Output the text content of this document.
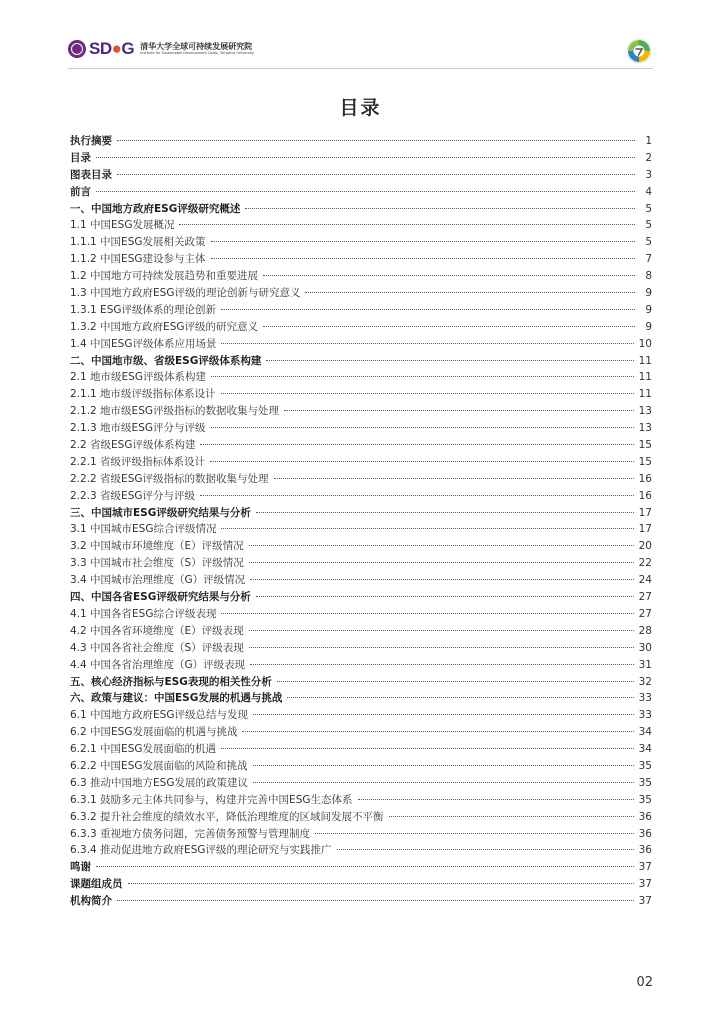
SD●G 清华大学全球可持续发展研究院
Institute for Sustainable Development Goals, Tsinghua University
目录
执行摘要	1
目录	2
图表目录	3
前言	4
一、中国地方政府ESG评级研究概述	5
1.1 中国ESG发展概况	5
1.1.1 中国ESG发展相关政策	5
1.1.2 中国ESG建设参与主体	7
1.2 中国地方可持续发展趋势和重要进展	8
1.3 中国地方政府ESG评级的理论创新与研究意义	9
1.3.1 ESG评级体系的理论创新	9
1.3.2 中国地方政府ESG评级的研究意义	9
1.4 中国ESG评级体系应用场景	10
二、中国地市级、省级ESG评级体系构建	11
2.1 地市级ESG评级体系构建	11
2.1.1 地市级评级指标体系设计	11
2.1.2 地市级ESG评级指标的数据收集与处理	13
2.1.3 地市级ESG评分与评级	13
2.2 省级ESG评级体系构建	15
2.2.1 省级评级指标体系设计	15
2.2.2 省级ESG评级指标的数据收集与处理	16
2.2.3 省级ESG评分与评级	16
三、中国城市ESG评级研究结果与分析	17
3.1 中国城市ESG综合评级情况	17
3.2 中国城市环境维度（E）评级情况	20
3.3 中国城市社会维度（S）评级情况	22
3.4 中国城市治理维度（G）评级情况	24
四、中国各省ESG评级研究结果与分析	27
4.1 中国各省ESG综合评级表现	27
4.2 中国各省环境维度（E）评级表现	28
4.3 中国各省社会维度（S）评级表现	30
4.4 中国各省治理维度（G）评级表现	31
五、核心经济指标与ESG表现的相关性分析	32
六、政策与建议：中国ESG发展的机遇与挑战	33
6.1 中国地方政府ESG评级总结与发现	33
6.2 中国ESG发展面临的机遇与挑战	34
6.2.1 中国ESG发展面临的机遇	34
6.2.2 中国ESG发展面临的风险和挑战	35
6.3 推动中国地方ESG发展的政策建议	35
6.3.1 鼓励多元主体共同参与，构建并完善中国ESG生态体系	35
6.3.2 提升社会维度的绩效水平，降低治理维度的区域间发展不平衡	36
6.3.3 重视地方债务问题，完善债务预警与管理制度	36
6.3.4 推动促进地方政府ESG评级的理论研究与实践推广	36
鸣谢	37
课题组成员	37
机构简介	37
02
